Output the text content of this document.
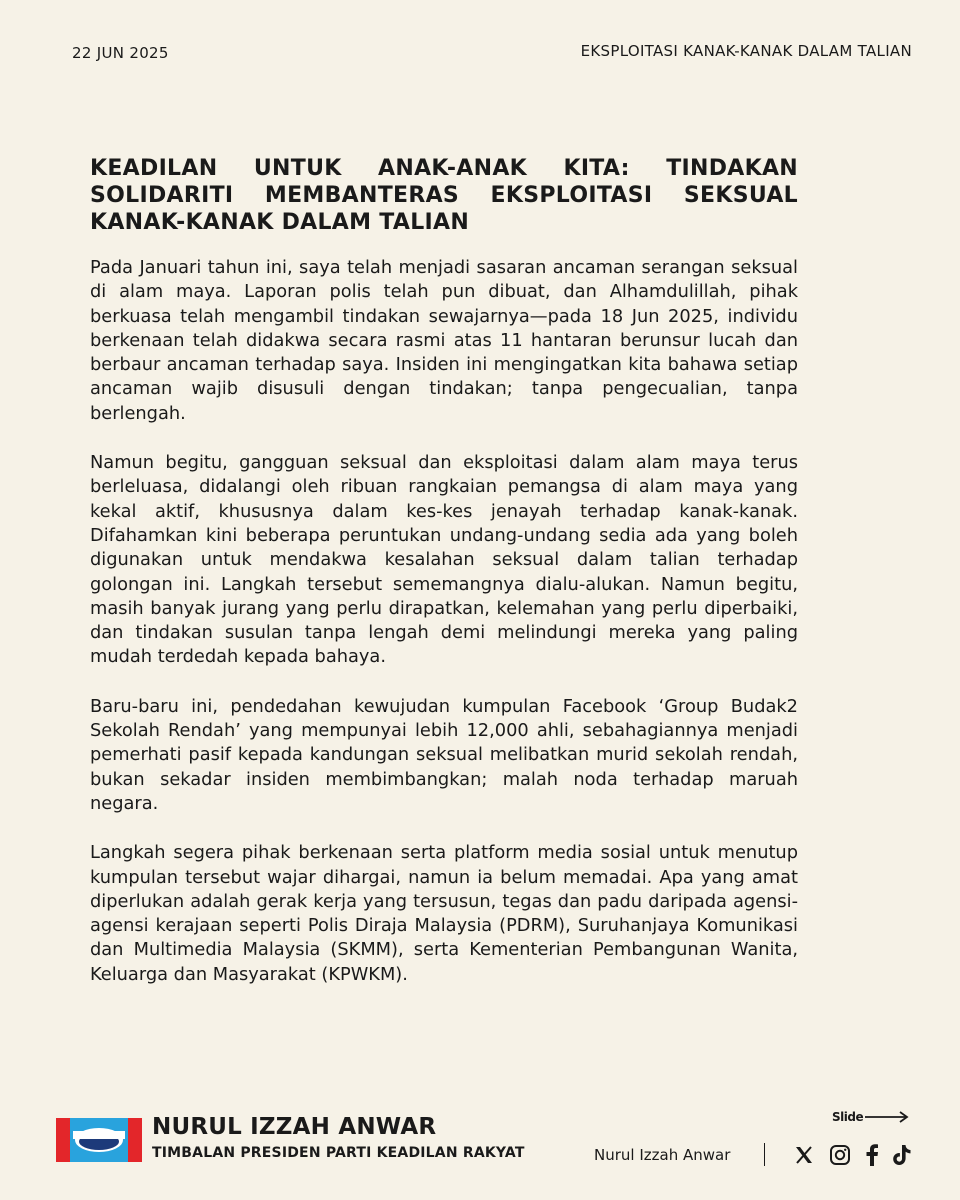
22 JUN 2025	EKSPLOITASI KANAK-KANAK DALAM TALIAN
KEADILAN UNTUK ANAK-ANAK KITA: TINDAKAN SOLIDARITI MEMBANTERAS EKSPLOITASI SEKSUAL KANAK-KANAK DALAM TALIAN

Pada Januari tahun ini, saya telah menjadi sasaran ancaman serangan seksual di alam maya. Laporan polis telah pun dibuat, dan Alhamdulillah, pihak berkuasa telah mengambil tindakan sewajarnya—pada 18 Jun 2025, individu berkenaan telah didakwa secara rasmi atas 11 hantaran berunsur lucah dan berbaur ancaman terhadap saya. Insiden ini mengingatkan kita bahawa setiap ancaman wajib disusuli dengan tindakan; tanpa pengecualian, tanpa berlengah.

Namun begitu, gangguan seksual dan eksploitasi dalam alam maya terus berleluasa, didalangi oleh ribuan rangkaian pemangsa di alam maya yang kekal aktif, khususnya dalam kes-kes jenayah terhadap kanak-kanak. Difahamkan kini beberapa peruntukan undang-undang sedia ada yang boleh digunakan untuk mendakwa kesalahan seksual dalam talian terhadap golongan ini. Langkah tersebut sememangnya dialu-alukan. Namun begitu, masih banyak jurang yang perlu dirapatkan, kelemahan yang perlu diperbaiki, dan tindakan susulan tanpa lengah demi melindungi mereka yang paling mudah terdedah kepada bahaya.

Baru-baru ini, pendedahan kewujudan kumpulan Facebook ‘Group Budak2 Sekolah Rendah’ yang mempunyai lebih 12,000 ahli, sebahagiannya menjadi pemerhati pasif kepada kandungan seksual melibatkan murid sekolah rendah, bukan sekadar insiden membimbangkan; malah noda terhadap maruah negara.

Langkah segera pihak berkenaan serta platform media sosial untuk menutup kumpulan tersebut wajar dihargai, namun ia belum memadai. Apa yang amat diperlukan adalah gerak kerja yang tersusun, tegas dan padu daripada agensi-agensi kerajaan seperti Polis Diraja Malaysia (PDRM), Suruhanjaya Komunikasi dan Multimedia Malaysia (SKMM), serta Kementerian Pembangunan Wanita, Keluarga dan Masyarakat (KPWKM).

NURUL IZZAH ANWAR
TIMBALAN PRESIDEN PARTI KEADILAN RAKYAT
Slide
Nurul Izzah Anwar
